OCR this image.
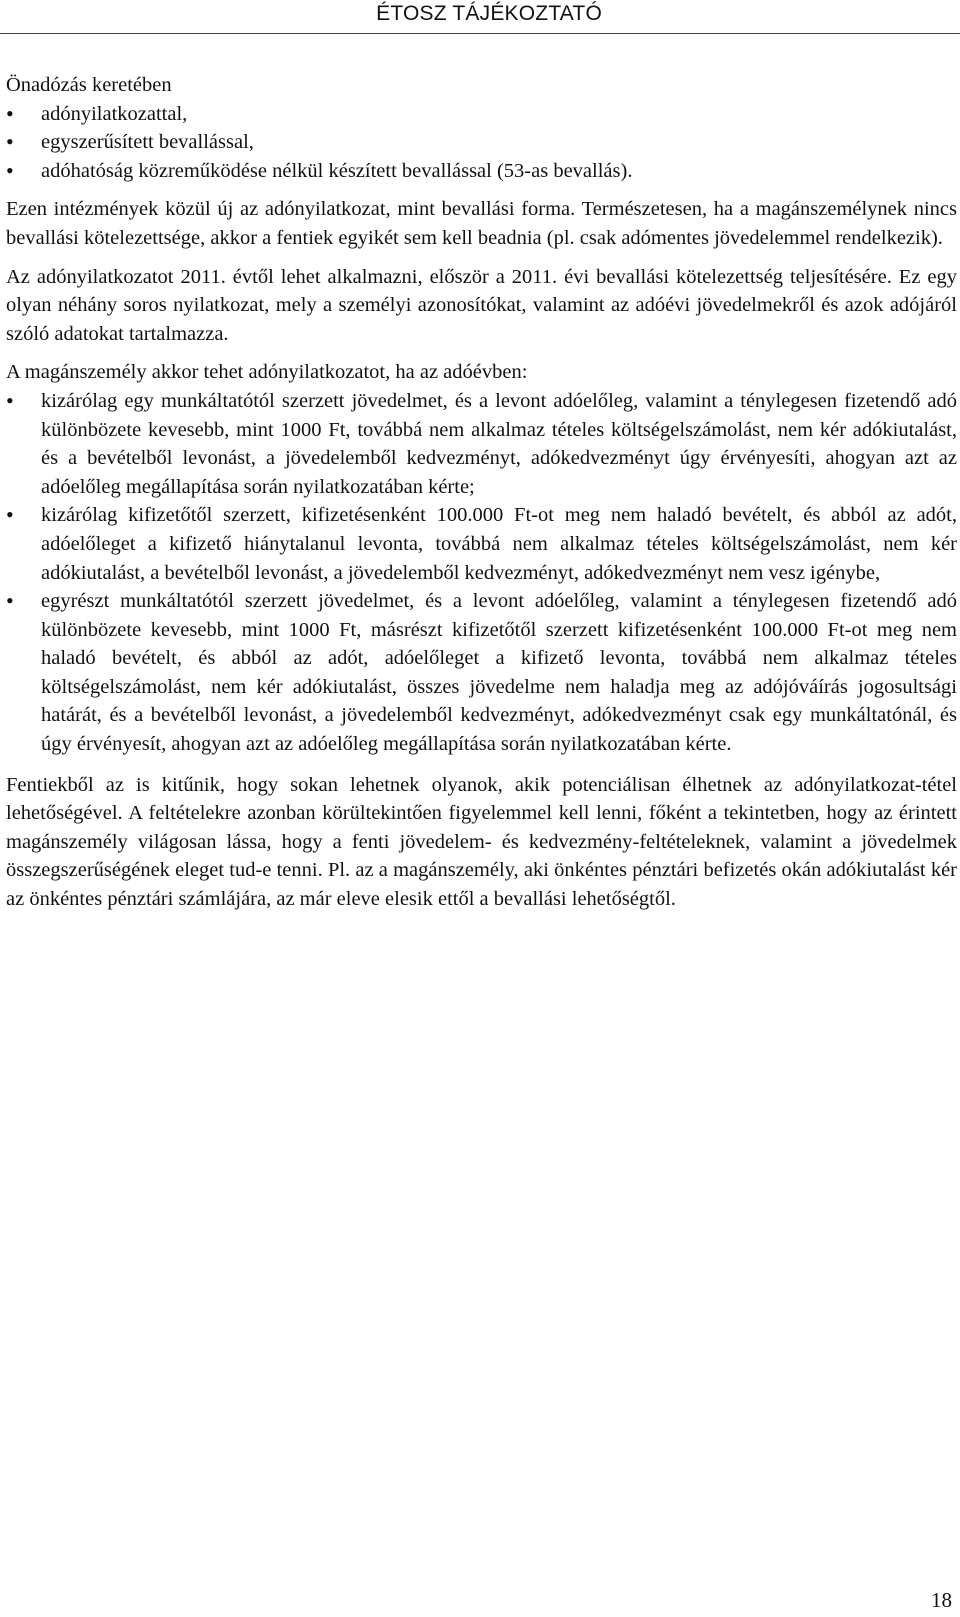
ÉTOSZ TÁJÉKOZTATÓ

Önadózás keretében

•	adónyilatkozattal,
•	egyszerűsített bevallással,
•	adóhatóság közreműködése nélkül készített bevallással (53-as bevallás).

Ezen intézmények közül új az adónyilatkozat, mint bevallási forma. Természetesen, ha a magánszemélynek nincs bevallási kötelezettsége, akkor a fentiek egyikét sem kell beadnia (pl. csak adómentes jövedelemmel rendelkezik).

Az adónyilatkozatot 2011. évtől lehet alkalmazni, először a 2011. évi bevallási kötelezettség teljesítésére. Ez egy olyan néhány soros nyilatkozat, mely a személyi azonosítókat, valamint az adóévi jövedelmekről és azok adójáról szóló adatokat tartalmazza.

A magánszemély akkor tehet adónyilatkozatot, ha az adóévben:

•	kizárólag egy munkáltatótól szerzett jövedelmet, és a levont adóelőleg, valamint a ténylegesen fizetendő adó különbözete kevesebb, mint 1000 Ft, továbbá nem alkalmaz tételes költségelszámolást, nem kér adókiutalást, és a bevételből levonást, a jövedelemből kedvezményt, adókedvezményt úgy érvényesíti, ahogyan azt az adóelőleg megállapítása során nyilatkozatában kérte;
•	kizárólag kifizetőtől szerzett, kifizetésenként 100.000 Ft-ot meg nem haladó bevételt, és abból az adót, adóelőleget a kifizető hiánytalanul levonta, továbbá nem alkalmaz tételes költségelszámolást, nem kér adókiutalást, a bevételből levonást, a jövedelemből kedvezményt, adókedvezményt nem vesz igénybe,
•	egyrészt munkáltatótól szerzett jövedelmet, és a levont adóelőleg, valamint a ténylegesen fizetendő adó különbözete kevesebb, mint 1000 Ft, másrészt kifizetőtől szerzett kifizetésenként 100.000 Ft-ot meg nem haladó bevételt, és abból az adót, adóelőleget a kifizető levonta, továbbá nem alkalmaz tételes költségelszámolást, nem kér adókiutalást, összes jövedelme nem haladja meg az adójóváírás jogosultsági határát, és a bevételből levonást, a jövedelemből kedvezményt, adókedvezményt csak egy munkáltatónál, és úgy érvényesít, ahogyan azt az adóelőleg megállapítása során nyilatkozatában kérte.

Fentiekből az is kitűnik, hogy sokan lehetnek olyanok, akik potenciálisan élhetnek az adónyilatkozat-tétel lehetőségével. A feltételekre azonban körültekintően figyelemmel kell lenni, főként a tekintetben, hogy az érintett magánszemély világosan lássa, hogy a fenti jövedelem- és kedvezmény-feltételeknek, valamint a jövedelmek összegszerűségének eleget tud-e tenni. Pl. az a magánszemély, aki önkéntes pénztári befizetés okán adókiutalást kér az önkéntes pénztári számlájára, az már eleve elesik ettől a bevallási lehetőségtől.

18
